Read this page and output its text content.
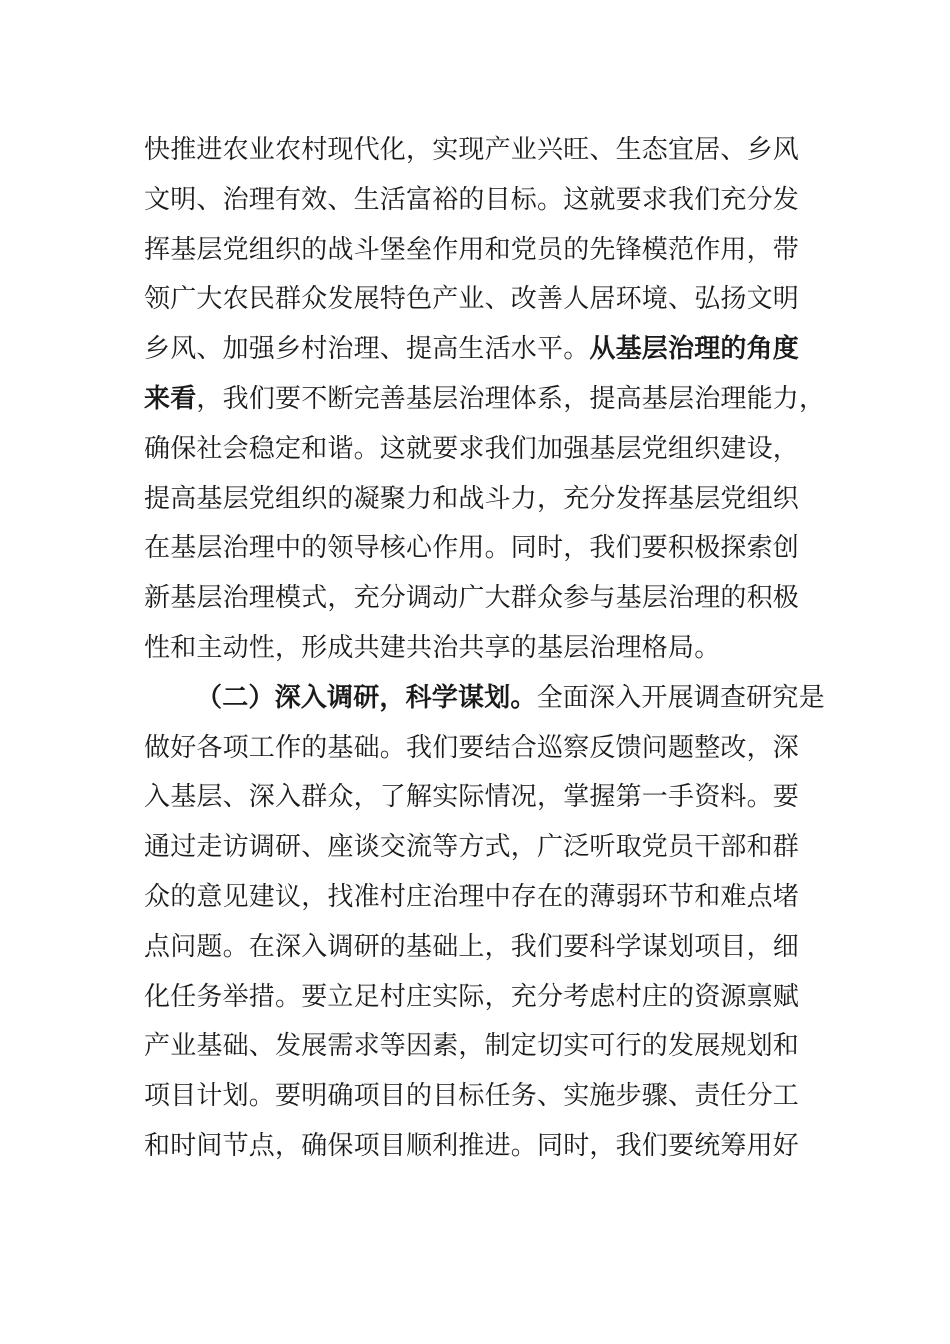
快推进农业农村现代化，实现产业兴旺、生态宜居、乡风
文明、治理有效、生活富裕的目标。这就要求我们充分发
挥基层党组织的战斗堡垒作用和党员的先锋模范作用，带
领广大农民群众发展特色产业、改善人居环境、弘扬文明
乡风、加强乡村治理、提高生活水平。从基层治理的角度
来看，我们要不断完善基层治理体系，提高基层治理能力，
确保社会稳定和谐。这就要求我们加强基层党组织建设，
提高基层党组织的凝聚力和战斗力，充分发挥基层党组织
在基层治理中的领导核心作用。同时，我们要积极探索创
新基层治理模式，充分调动广大群众参与基层治理的积极
性和主动性，形成共建共治共享的基层治理格局。
（二）深入调研，科学谋划。全面深入开展调查研究是
做好各项工作的基础。我们要结合巡察反馈问题整改，深
入基层、深入群众，了解实际情况，掌握第一手资料。要
通过走访调研、座谈交流等方式，广泛听取党员干部和群
众的意见建议，找准村庄治理中存在的薄弱环节和难点堵
点问题。在深入调研的基础上，我们要科学谋划项目，细
化任务举措。要立足村庄实际，充分考虑村庄的资源禀赋
产业基础、发展需求等因素，制定切实可行的发展规划和
项目计划。要明确项目的目标任务、实施步骤、责任分工
和时间节点，确保项目顺利推进。同时，我们要统筹用好
